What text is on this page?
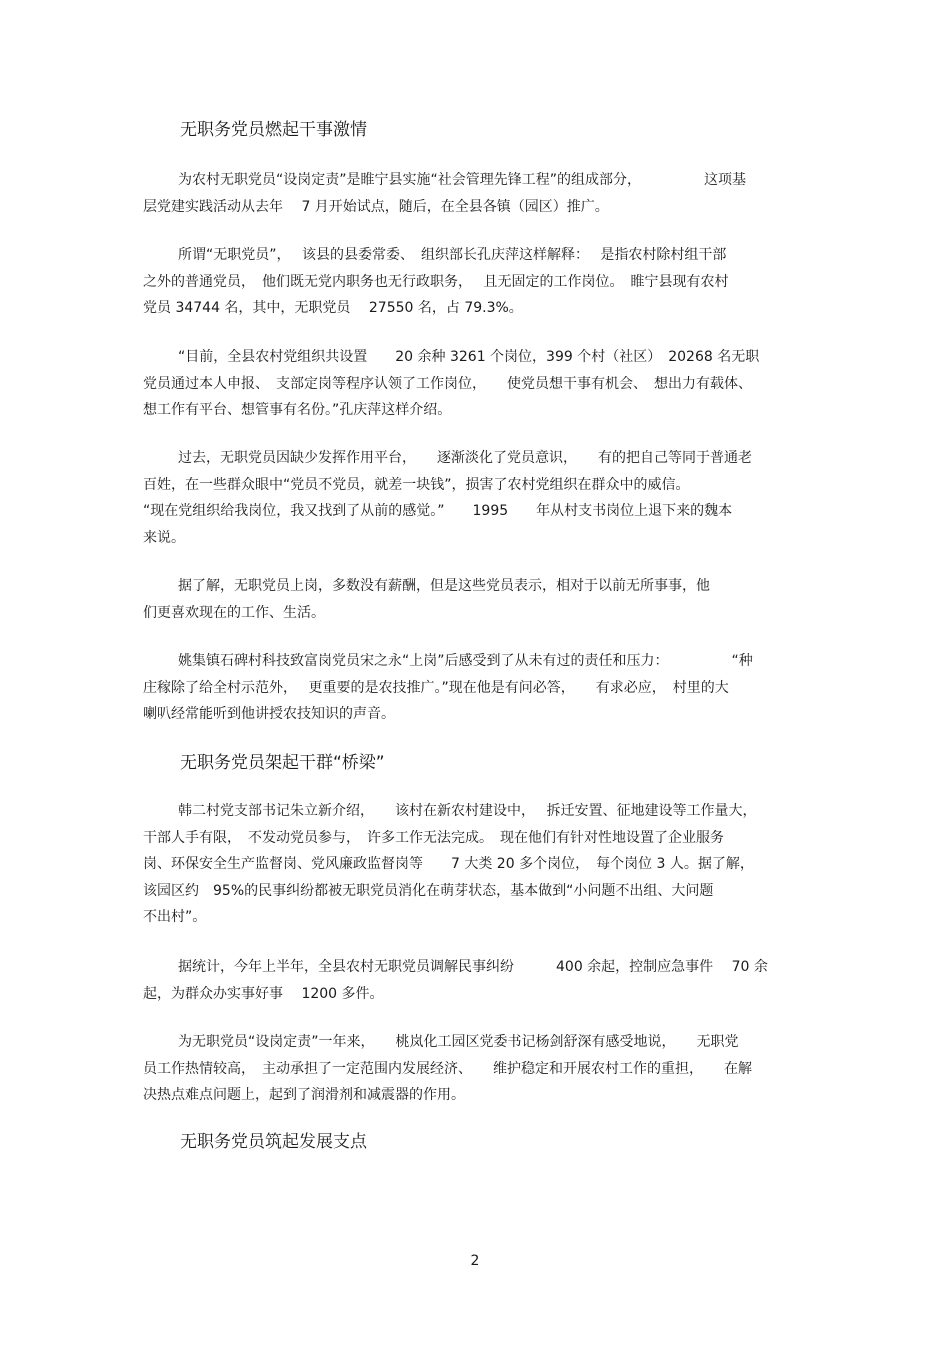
无职务党员燃起干事激情
为农村无职党员“设岗定责”是睢宁县实施“社会管理先锋工程”的组成部分，　　　　　这项基
层党建实践活动从去年　 7 月开始试点，随后，在全县各镇（园区）推广。
所谓“无职党员”，　 该县的县委常委、　组织部长孔庆萍这样解释：　 是指农村除村组干部
之外的普通党员，　他们既无党内职务也无行政职务，　 且无固定的工作岗位。　睢宁县现有农村
党员 34744 名，其中，无职党员　 27550 名，占 79.3%。
“目前，全县农村党组织共设置　　20 余种 3261 个岗位，399 个村（社区）　20268 名无职
党员通过本人申报、　支部定岗等程序认领了工作岗位，　　使党员想干事有机会、　想出力有载体、
想工作有平台、想管事有名份。”孔庆萍这样介绍。
过去，无职党员因缺少发挥作用平台，　　逐渐淡化了党员意识，　　有的把自己等同于普通老
百姓，在一些群众眼中“党员不党员，就差一块钱”，损害了农村党组织在群众中的威信。
“现在党组织给我岗位，我又找到了从前的感觉。”　　1995　　年从村支书岗位上退下来的魏本
来说。
据了解，无职党员上岗，多数没有薪酬，但是这些党员表示，相对于以前无所事事，他
们更喜欢现在的工作、生活。
姚集镇石碑村科技致富岗党员宋之永“上岗”后感受到了从未有过的责任和压力：　　　　　“种
庄稼除了给全村示范外，　 更重要的是农技推广。”现在他是有问必答，　　有求必应，　村里的大
喇叭经常能听到他讲授农技知识的声音。
无职务党员架起干群“桥梁”
韩二村党支部书记朱立新介绍，　　该村在新农村建设中，　 拆迁安置、征地建设等工作量大，
干部人手有限，　不发动党员参与，　许多工作无法完成。　现在他们有针对性地设置了企业服务
岗、环保安全生产监督岗、党风廉政监督岗等　　7 大类 20 多个岗位，　每个岗位 3 人。据了解，
该园区约　95%的民事纠纷都被无职党员消化在萌芽状态，基本做到“小问题不出组、大问题
不出村”。
据统计，今年上半年，全县农村无职党员调解民事纠纷　　　400 余起，控制应急事件　 70 余
起，为群众办实事好事　 1200 多件。
为无职党员“设岗定责”一年来，　　桃岚化工园区党委书记杨剑舒深有感受地说，　　无职党
员工作热情较高，　主动承担了一定范围内发展经济、　　维护稳定和开展农村工作的重担，　　在解
决热点难点问题上，起到了润滑剂和减震器的作用。
无职务党员筑起发展支点
2
